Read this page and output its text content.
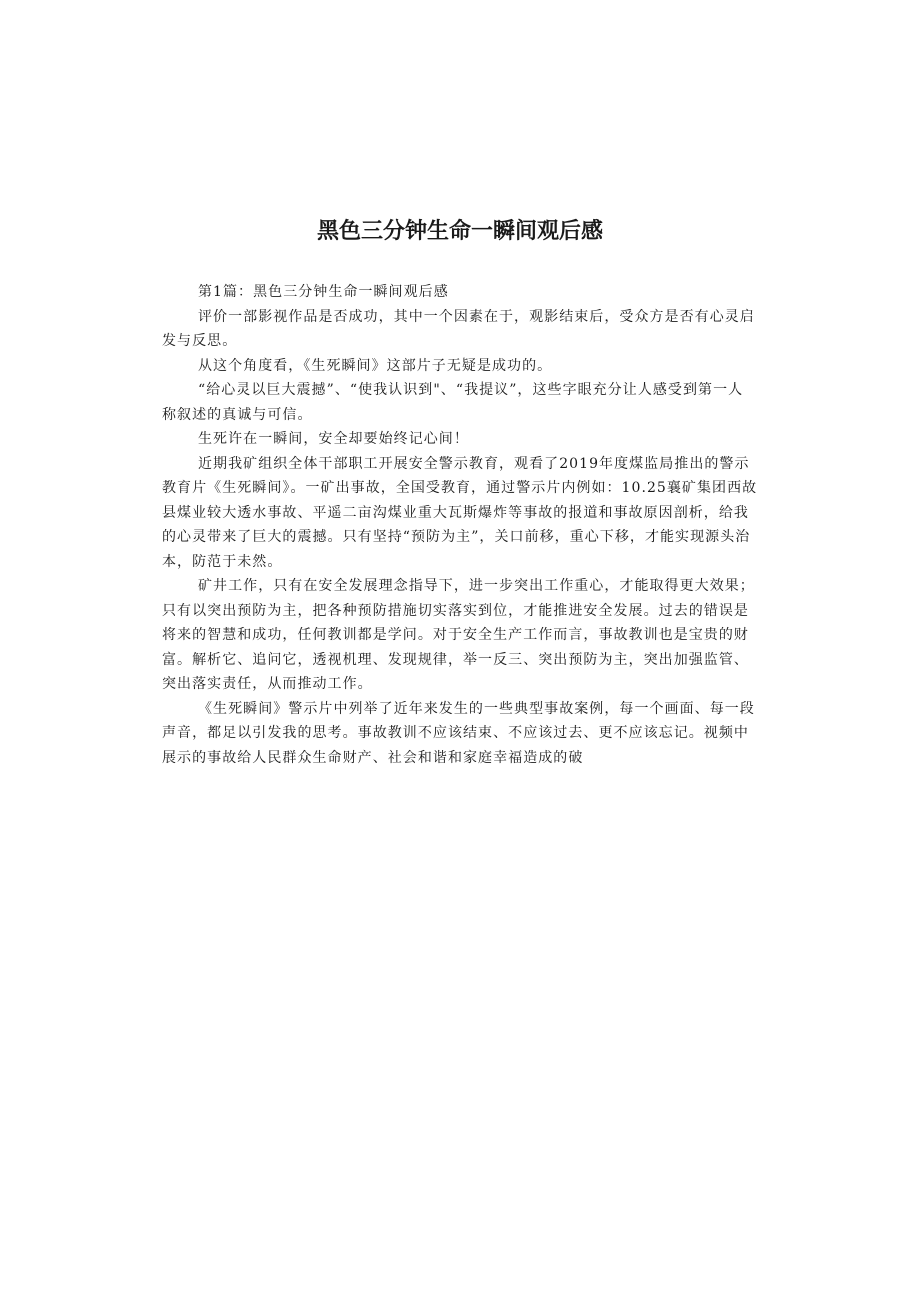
黑色三分钟生命一瞬间观后感

第1篇：黑色三分钟生命一瞬间观后感

评价一部影视作品是否成功，其中一个因素在于，观影结束后，受众方是否有心灵启发与反思。

从这个角度看，《生死瞬间》这部片子无疑是成功的。

“给心灵以巨大震撼”、“使我认识到"、“我提议”，这些字眼充分让人感受到第一人称叙述的真诚与可信。

生死许在一瞬间，安全却要始终记心间！

近期我矿组织全体干部职工开展安全警示教育，观看了2019年度煤监局推出的警示教育片《生死瞬间》。一矿出事故，全国受教育，通过警示片内例如：10.25襄矿集团西故县煤业较大透水事故、平遥二亩沟煤业重大瓦斯爆炸等事故的报道和事故原因剖析，给我的心灵带来了巨大的震撼。只有坚持“预防为主”，关口前移，重心下移，才能实现源头治本，防范于未然。

矿井工作，只有在安全发展理念指导下，进一步突出工作重心，才能取得更大效果；只有以突出预防为主，把各种预防措施切实落实到位，才能推进安全发展。过去的错误是将来的智慧和成功，任何教训都是学问。对于安全生产工作而言，事故教训也是宝贵的财富。解析它、追问它，透视机理、发现规律，举一反三、突出预防为主，突出加强监管、突出落实责任，从而推动工作。

《生死瞬间》警示片中列举了近年来发生的一些典型事故案例，每一个画面、每一段声音，都足以引发我的思考。事故教训不应该结束、不应该过去、更不应该忘记。视频中展示的事故给人民群众生命财产、社会和谐和家庭幸福造成的破
